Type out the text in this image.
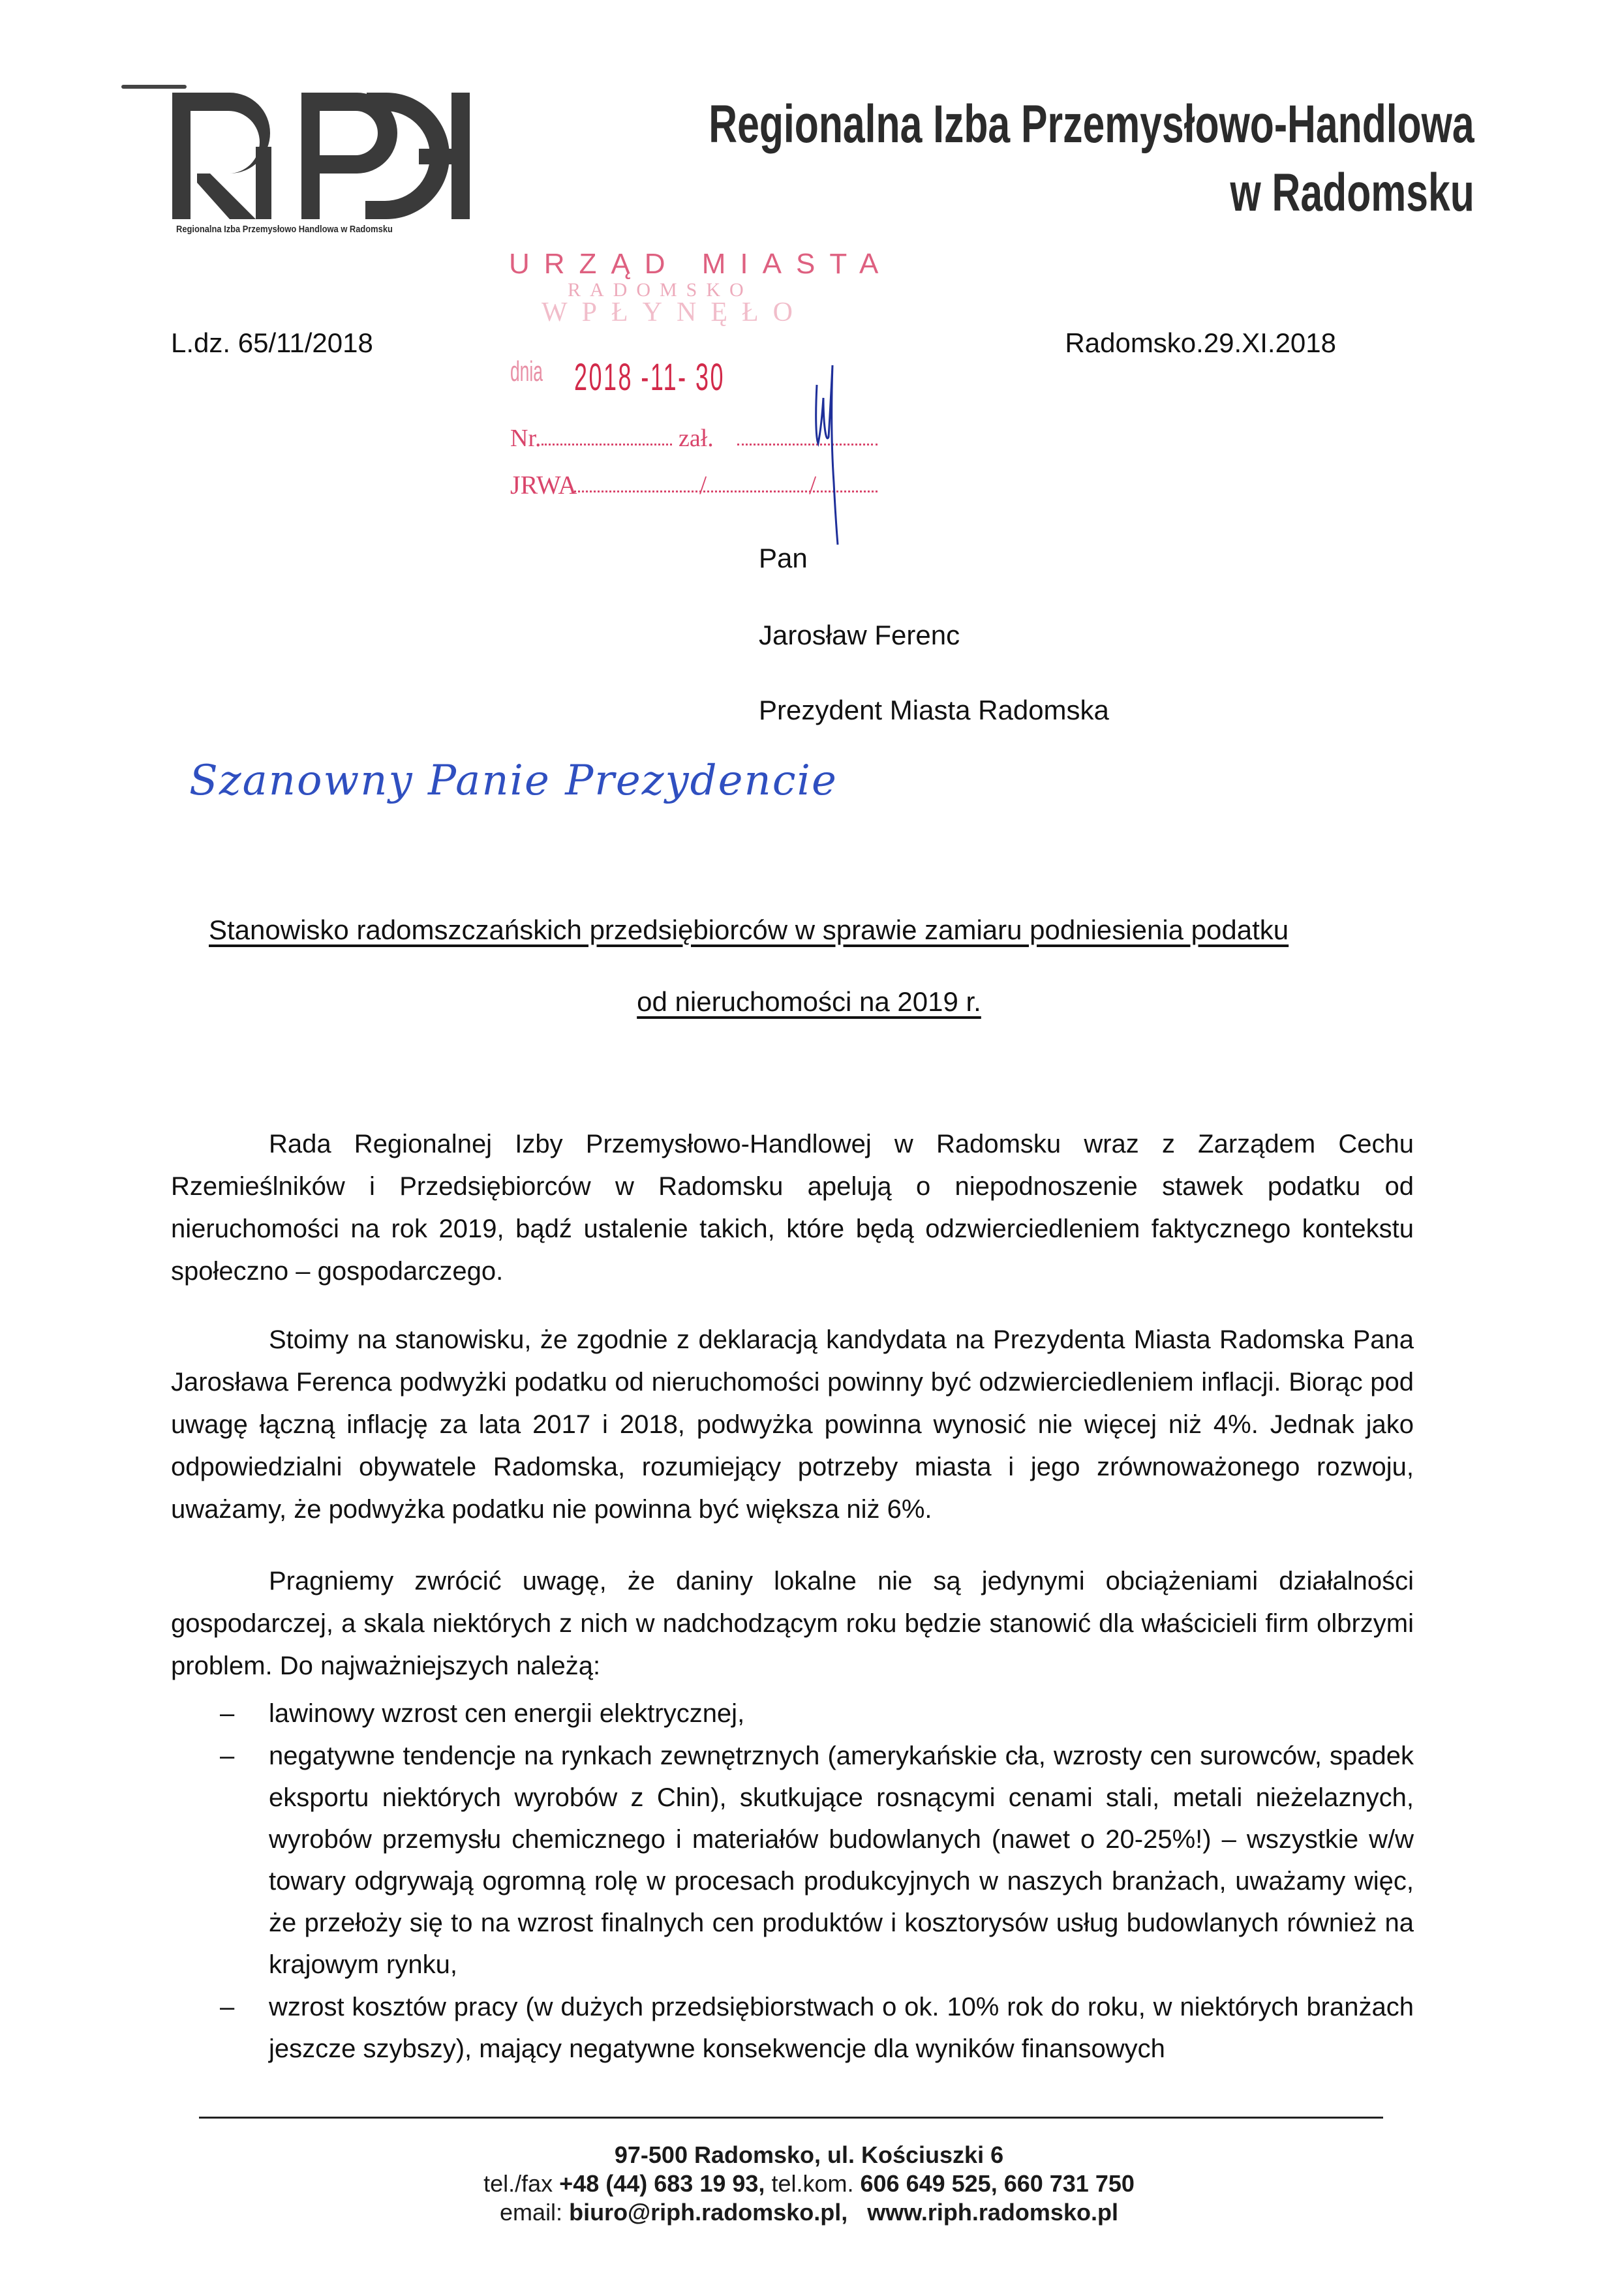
Regionalna Izba Przemysłowo Handlowa w Radomsku
Regionalna Izba Przemysłowo-Handlowa
w Radomsku
L.dz. 65/11/2018	Radomsko.29.XI.2018
URZĄD MIASTA
RADOMSKO
WPŁYNĘŁO
dnia 2018 -11- 30
Nr.	zał.
JRWA	/	/
Pan
Jarosław Ferenc
Prezydent Miasta Radomska
Szanowny Panie Prezydencie
Stanowisko radomszczańskich przedsiębiorców w sprawie zamiaru podniesienia podatku
od nieruchomości na 2019 r.
Rada Regionalnej Izby Przemysłowo-Handlowej w Radomsku wraz z Zarządem Cechu Rzemieślników i Przedsiębiorców w Radomsku apelują o niepodnoszenie stawek podatku od nieruchomości na rok 2019, bądź ustalenie takich, które będą odzwierciedleniem faktycznego kontekstu społeczno – gospodarczego.
Stoimy na stanowisku, że zgodnie z deklaracją kandydata na Prezydenta Miasta Radomska Pana Jarosława Ferenca podwyżki podatku od nieruchomości powinny być odzwierciedleniem inflacji. Biorąc pod uwagę łączną inflację za lata 2017 i 2018, podwyżka powinna wynosić nie więcej niż 4%. Jednak jako odpowiedzialni obywatele Radomska, rozumiejący potrzeby miasta i jego zrównoważonego rozwoju, uważamy, że podwyżka podatku nie powinna być większa niż 6%.
Pragniemy zwrócić uwagę, że daniny lokalne nie są jedynymi obciążeniami działalności gospodarczej, a skala niektórych z nich w nadchodzącym roku będzie stanowić dla właścicieli firm olbrzymi problem. Do najważniejszych należą:
–	lawinowy wzrost cen energii elektrycznej,
–	negatywne tendencje na rynkach zewnętrznych (amerykańskie cła, wzrosty cen surowców, spadek eksportu niektórych wyrobów z Chin), skutkujące rosnącymi cenami stali, metali nieżelaznych, wyrobów przemysłu chemicznego i materiałów budowlanych (nawet o 20-25%!) – wszystkie w/w towary odgrywają ogromną rolę w procesach produkcyjnych w naszych branżach, uważamy więc, że przełoży się to na wzrost finalnych cen produktów i kosztorysów usług budowlanych również na krajowym rynku,
–	wzrost kosztów pracy (w dużych przedsiębiorstwach o ok. 10% rok do roku, w niektórych branżach jeszcze szybszy), mający negatywne konsekwencje dla wyników finansowych
97-500 Radomsko, ul. Kościuszki 6
tel./fax +48 (44) 683 19 93, tel.kom. 606 649 525, 660 731 750
email: biuro@riph.radomsko.pl, www.riph.radomsko.pl
